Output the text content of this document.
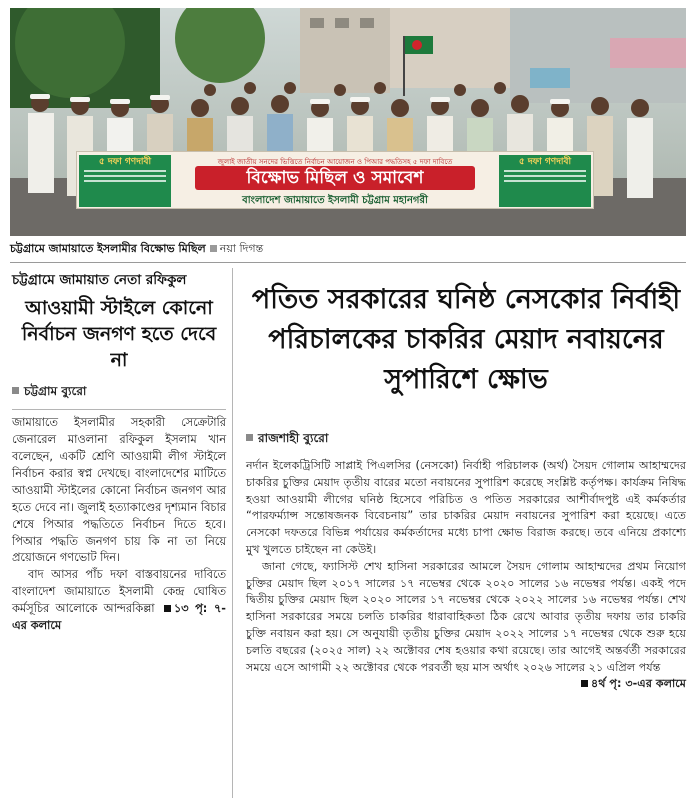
৫ দফা গণদাবী	জুলাই জাতীয় সনদের ভিত্তিতে নির্বাচন আয়োজন ও পিআর পদ্ধতিসহ ৫ দফা দাবিতে
বিক্ষোভ মিছিল ও সমাবেশ
বাংলাদেশ জামায়াতে ইসলামী চট্টগ্রাম মহানগরী
৫ দফা গণদাবী
চট্টগ্রামে জামায়াতে ইসলামীর বিক্ষোভ মিছিল নয়া দিগন্ত
চট্টগ্রামে জামায়াত নেতা রফিকুল
আওয়ামী স্টাইলে কোনো নির্বাচন জনগণ হতে দেবে না
চট্টগ্রাম ব্যুরো

জামায়াতে ইসলামীর সহকারী সেক্রেটারি জেনারেল মাওলানা রফিকুল ইসলাম খান বলেছেন, একটি শ্রেণি আওয়ামী লীগ স্টাইলে নির্বাচন করার স্বপ্ন দেখছে। বাংলাদেশের মাটিতে আওয়ামী স্টাইলের কোনো নির্বাচন জনগণ আর হতে দেবে না। জুলাই হত্যাকাণ্ডের দৃশ্যমান বিচার শেষে পিআর পদ্ধতিতে নির্বাচন দিতে হবে। পিআর পদ্ধতি জনগণ চায় কি না তা নিয়ে প্রয়োজনে গণভোট দিন।

বাদ আসর পাঁচ দফা বাস্তবায়নের দাবিতে বাংলাদেশ জামায়াতে ইসলামী কেন্দ্র ঘোষিত কর্মসূচির আলোকে আন্দরকিল্লা ১৩ পৃ: ৭-এর কলামে

পতিত সরকারের ঘনিষ্ঠ নেসকোর নির্বাহী পরিচালকের চাকরির মেয়াদ নবায়নের সুপারিশে ক্ষোভ
রাজশাহী ব্যুরো

নর্দান ইলেকট্রিসিটি সাপ্লাই পিএলসির (নেসকো) নির্বাহী পরিচালক (অর্থ) সৈয়দ গোলাম আহাম্মদের চাকরির চুক্তির মেয়াদ তৃতীয় বারের মতো নবায়নের সুপারিশ করেছে সংশ্লিষ্ট কর্তৃপক্ষ। কার্যক্রম নিষিদ্ধ হওয়া আওয়ামী লীগের ঘনিষ্ঠ হিসেবে পরিচিত ও পতিত সরকারের আশীর্বাদপুষ্ট এই কর্মকর্তার “পারফর্ম্যান্স সন্তোষজনক বিবেচনায়” তার চাকরির মেয়াদ নবায়নের সুপারিশ করা হয়েছে। এতে নেসকো দফতরে বিভিন্ন পর্যায়ের কর্মকর্তাদের মধ্যে চাপা ক্ষোভ বিরাজ করছে। তবে এনিয়ে প্রকাশ্যে মুখ খুলতে চাইছেন না কেউই।

জানা গেছে, ফ্যাসিস্ট শেখ হাসিনা সরকারের আমলে সৈয়দ গোলাম আহাম্মদের প্রথম নিয়োগ চুক্তির মেয়াদ ছিল ২০১৭ সালের ১৭ নভেম্বর থেকে ২০২০ সালের ১৬ নভেম্বর পর্যন্ত। একই পদে দ্বিতীয় চুক্তির মেয়াদ ছিল ২০২০ সালের ১৭ নভেম্বর থেকে ২০২২ সালের ১৬ নভেম্বর পর্যন্ত। শেখ হাসিনা সরকারের সময়ে চলতি চাকরির ধারাবাহিকতা ঠিক রেখে আবার তৃতীয় দফায় তার চাকরি চুক্তি নবায়ন করা হয়। সে অনুযায়ী তৃতীয় চুক্তির মেয়াদ ২০২২ সালের ১৭ নভেম্বর থেকে শুরু হয়ে চলতি বছরের (২০২৫ সাল) ২২ অক্টোবর শেষ হওয়ার কথা রয়েছে। তার আগেই অন্তর্বর্তী সরকারের সময়ে এসে আগামী ২২ অক্টোবর থেকে পরবর্তী ছয় মাস অর্থাৎ ২০২৬ সালের ২১ এপ্রিল পর্যন্ত

৪র্থ পৃ: ৩-এর কলামে
